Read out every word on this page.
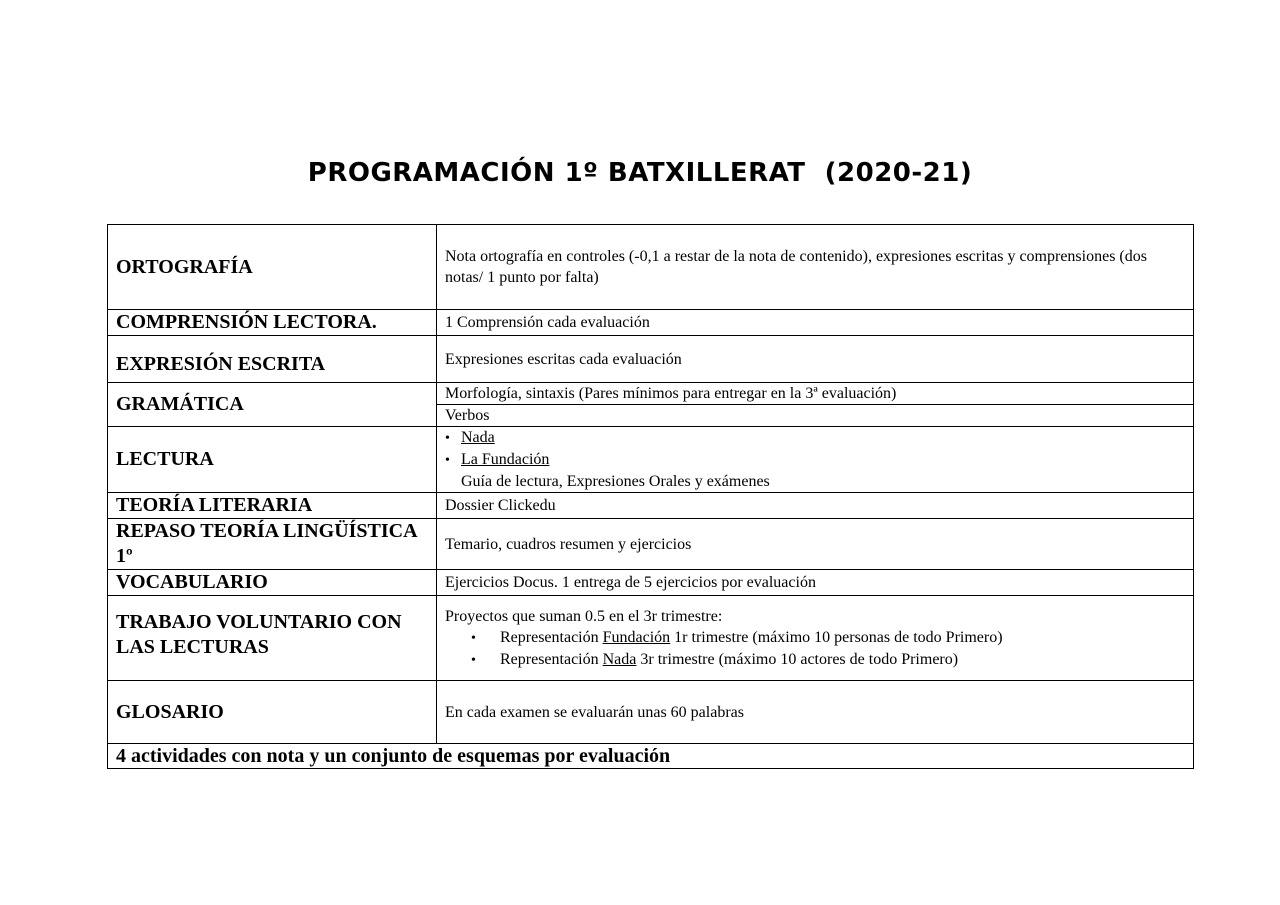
PROGRAMACIÓN 1º BATXILLERAT  (2020-21)
ORTOGRAFÍA	Nota ortografía en controles (-0,1 a restar de la nota de contenido), expresiones escritas y comprensiones (dos notas/ 1 punto por falta)
COMPRENSIÓN LECTORA.	1 Comprensión cada evaluación
EXPRESIÓN ESCRITA	Expresiones escritas cada evaluación
GRAMÁTICA	Morfología, sintaxis (Pares mínimos para entregar en la 3ª evaluación)
	Verbos
LECTURA	• Nada
• La Fundación
Guía de lectura, Expresiones Orales y exámenes

TEORÍA LITERARIA	Dossier Clickedu
REPASO TEORÍA LINGÜÍSTICA 1º	Temario, cuadros resumen y ejercicios
VOCABULARIO	Ejercicios Docus. 1 entrega de 5 ejercicios por evaluación
TRABAJO VOLUNTARIO CON LAS LECTURAS	Proyectos que suman 0.5 en el 3r trimestre:
• Representación Fundación 1r trimestre (máximo 10 personas de todo Primero)
• Representación Nada 3r trimestre (máximo 10 actores de todo Primero)

GLOSARIO	En cada examen se evaluarán unas 60 palabras
4 actividades con nota y un conjunto de esquemas por evaluación	
